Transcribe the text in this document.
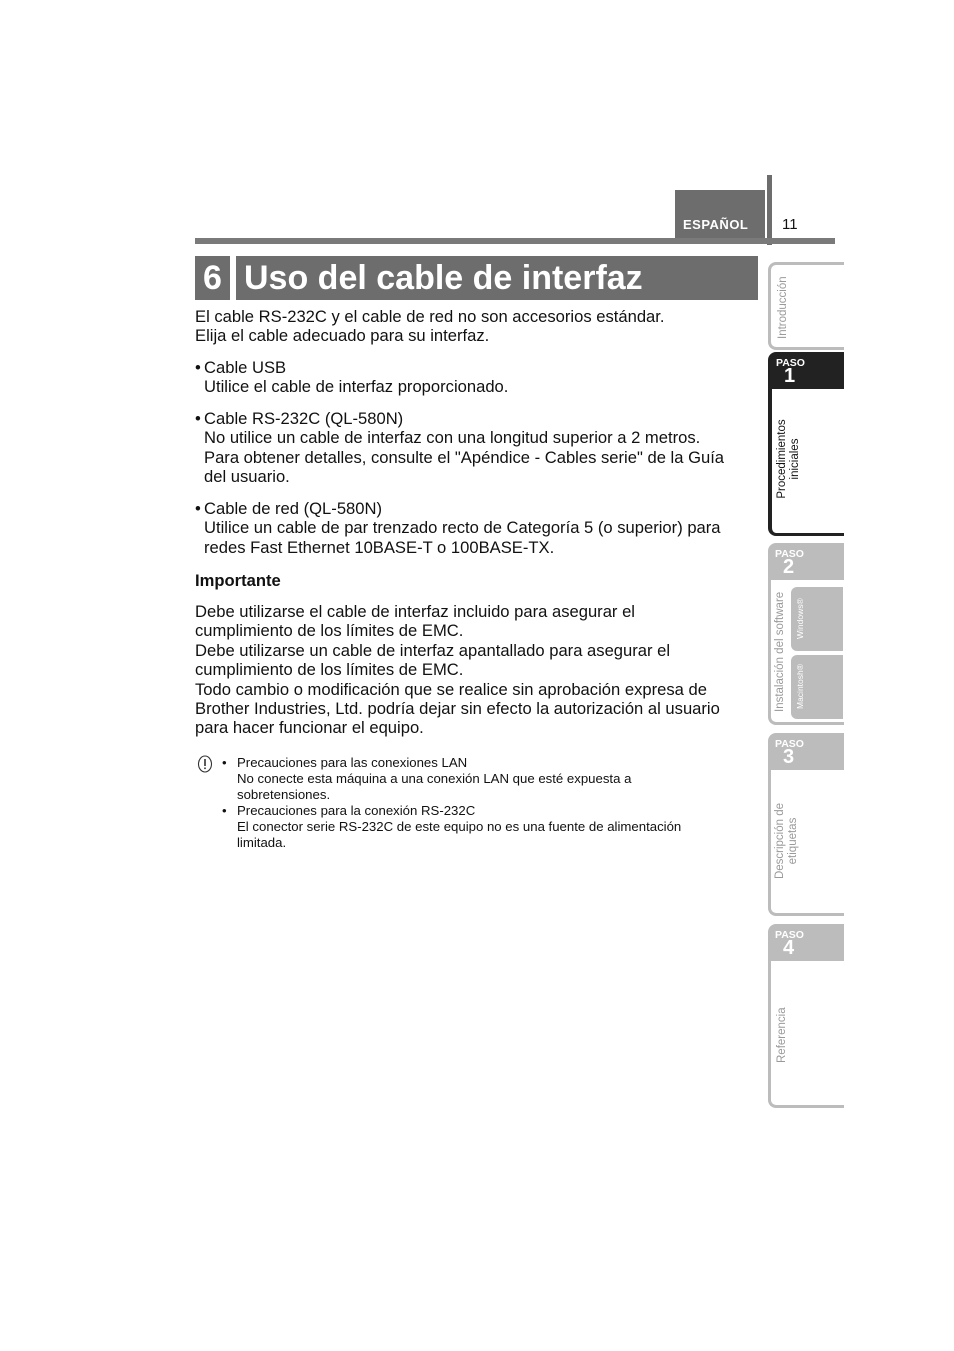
ESPAÑOL 11
6 Uso del cable de interfaz

El cable RS-232C y el cable de red no son accesorios estándar.

Elija el cable adecuado para su interfaz.

• Cable USB

Utilice el cable de interfaz proporcionado.

• Cable RS-232C (QL-580N)

No utilice un cable de interfaz con una longitud superior a 2 metros.

Para obtener detalles, consulte el "Apéndice - Cables serie" de la Guía

del usuario.

• Cable de red (QL-580N)

Utilice un cable de par trenzado recto de Categoría 5 (o superior) para

redes Fast Ethernet 10BASE-T o 100BASE-TX.

Importante

Debe utilizarse el cable de interfaz incluido para asegurar el

cumplimiento de los límites de EMC.

Debe utilizarse un cable de interfaz apantallado para asegurar el

cumplimiento de los límites de EMC.

Todo cambio o modificación que se realice sin aprobación expresa de

Brother Industries, Ltd. podría dejar sin efecto la autorización al usuario

para hacer funcionar el equipo.

• Precauciones para las conexiones LAN
No conecte esta máquina a una conexión LAN que esté expuesta a
sobretensiones.
• Precauciones para la conexión RS-232C
El conector serie RS-232C de este equipo no es una fuente de alimentación
limitada.
Introducción
PASO
1
Procedimientos iniciales
PASO
2
Instalación del software Windows®
Macintosh®
PASO
3
Descripción de etiquetas
PASO
4
Referencia
